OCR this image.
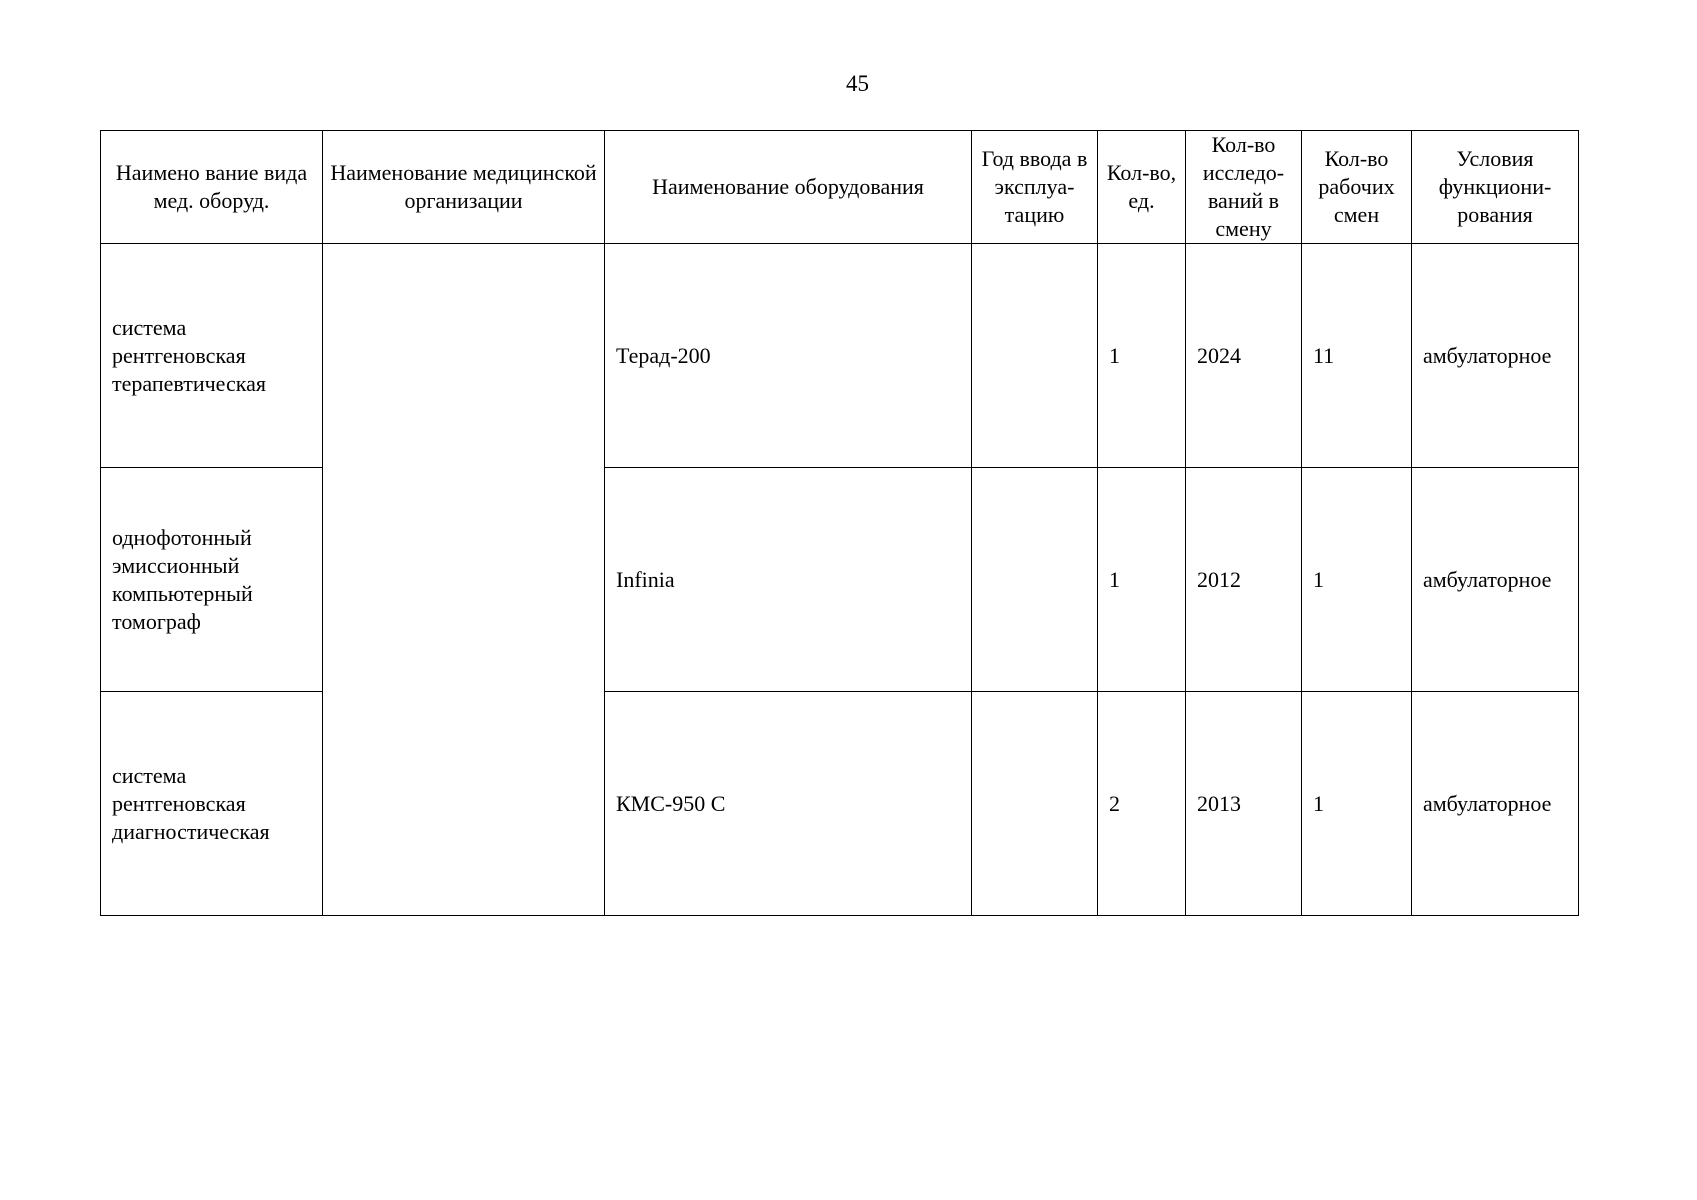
45
Наимено вание вида мед. оборуд.	Наименование медицинской организации	Наименование оборудования	Год ввода в эксплуа-тацию	Кол-во, ед.	Кол-во исследо-ваний в смену	Кол-во рабочих смен	Условия функциони-рования
система рентгеновская терапевтическая		Терад-200		1	2024	11	амбулаторное
однофотонный эмиссионный компьютерный томограф		Infinia		1	2012	1	амбулаторное
система рентгеновская диагностическая		КМС-950 С		2	2013	1	амбулаторное
